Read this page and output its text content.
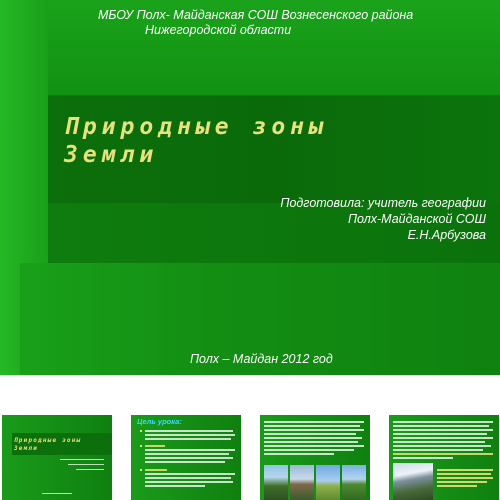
МБОУ Полх- Майданская СОШ Вознесенского района
Нижегородской области
Природные зоны
Земли
Подготовила: учитель географии
Полх-Майданской СОШ
Е.Н.Арбузова
Полх – Майдан 2012 год
Природные зоны
Земли
Цель урока:
